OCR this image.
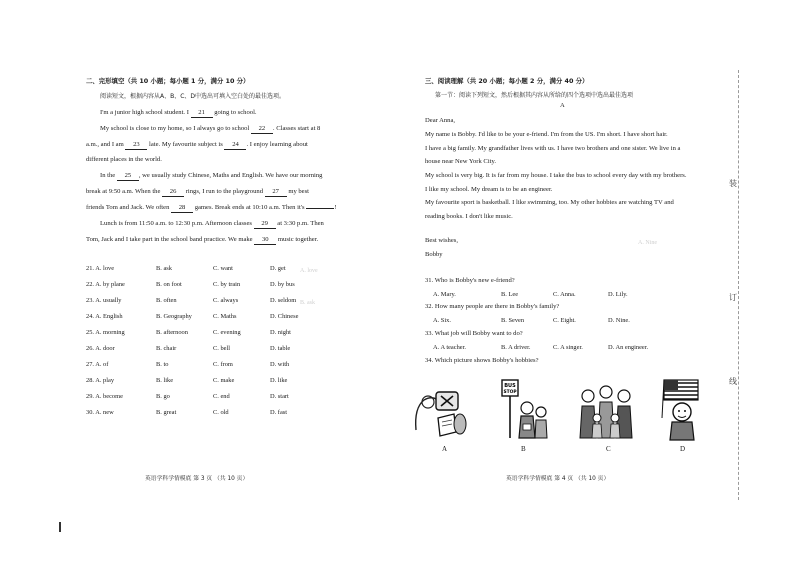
二、完形填空（共 10 小题；每小题 1 分，满分 10 分）
阅读短文，根据内容从A、B、C、D中选出可填入空白处的最佳选项。
I'm a junior high school student. I 21 going to school.
My school is close to my home, so I always go to school 22 . Classes start at 8
a.m., and I am 23 late. My favourite subject is 24 . I enjoy learning about
different places in the world.
In the 25 , we usually study Chinese, Maths and English. We have our morning
break at 9:50 a.m. When the 26 rings, I run to the playground 27 my best
friends Tom and Jack. We often 28 games. Break ends at 10:10 a.m. Then it's	!
Lunch is from 11:50 a.m. to 12:30 p.m. Afternoon classes 29 at 3:30 p.m. Then
Tom, Jack and I take part in the school band practice. We make 30 music together.
A. love
B. ask
21. A. love	B. ask	C. want	D. get
22. A. by plane	B. on foot	C. by train	D. by bus
23. A. usually	B. often	C. always	D. seldom
24. A. English	B. Geography	C. Maths	D. Chinese
25. A. morning	B. afternoon	C. evening	D. night
26. A. door	B. chair	C. bell	D. table
27. A. of	B. to	C. from	D. with
28. A. play	B. like	C. make	D. like
29. A. become	B. go	C. end	D. start
30. A. new	B. great	C. old	D. fast
英语学科学情模底 第 3 页 （共 10 页）
三、阅读理解（共 20 小题；每小题 2 分，满分 40 分）
第一节：阅读下列短文，然后根据其内容从所给的四个选项中选出最佳选项
A
Dear Anna,
My name is Bobby. I'd like to be your e-friend. I'm from the US. I'm short. I have short hair.
I have a big family. My grandfather lives with us. I have two brothers and one sister. We live in a
house near New York City.
My school is very big. It is far from my house. I take the bus to school every day with my brothers.
I like my school. My dream is to be an engineer.
My favourite sport is basketball. I like swimming, too. My other hobbies are watching TV and
reading books. I don't like music.
A. Nine
Best wishes,
Bobby
31. Who is Bobby's new e-friend?
A. Mary.	B. Lee	C. Anna.	D. Lily.
32. How many people are there in Bobby's family?
A. Six.	B. Seven	C. Eight.	D. Nine.
33. What job will Bobby want to do?
A. A teacher.	B. A driver.	C. A singer.	D. An engineer.
34. Which picture shows Bobby's hobbies?
A
BUS
STOP
B	C	D
英语学科学情模底 第 4 页 （共 10 页）
装
订
线
